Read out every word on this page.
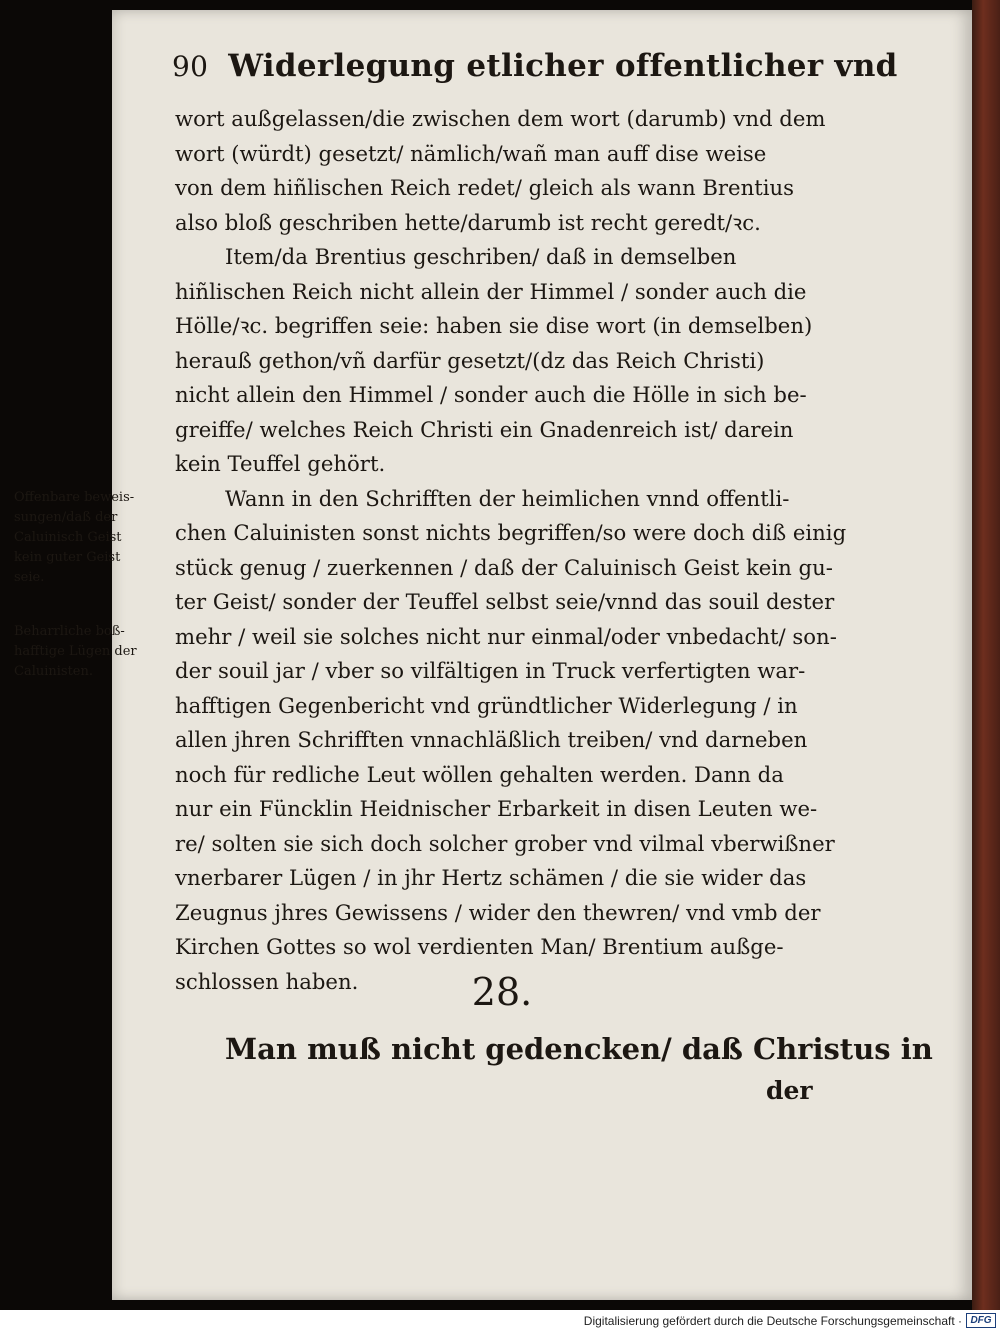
90 Widerlegung etlicher offentlicher vnd
wort außgelassen/die zwischen dem wort (darumb) vnd dem
wort (würdt) gesetzt/ nämlich/wañ man auff dise weise
von dem hiñlischen Reich redet/ gleich als wann Brentius
also bloß geschriben hette/darumb ist recht geredt/ꝛc.
Item/da Brentius geschriben/ daß in demselben
hiñlischen Reich nicht allein der Himmel / sonder auch die
Hölle/ꝛc. begriffen seie: haben sie dise wort (in demselben)
herauß gethon/vñ darfür gesetzt/(dz das Reich Christi)
nicht allein den Himmel / sonder auch die Hölle in sich be-
greiffe/ welches Reich Christi ein Gnadenreich ist/ darein
kein Teuffel gehört.
Wann in den Schrifften der heimlichen vnnd offentli-
chen Caluinisten sonst nichts begriffen/so were doch diß einig
stück genug / zuerkennen / daß der Caluinisch Geist kein gu-
ter Geist/ sonder der Teuffel selbst seie/vnnd das souil dester
mehr / weil sie solches nicht nur einmal/oder vnbedacht/ son-
der souil jar / vber so vilfältigen in Truck verfertigten war-
hafftigen Gegenbericht vnd gründtlicher Widerlegung / in
allen jhren Schrifften vnnachläßlich treiben/ vnd darneben
noch für redliche Leut wöllen gehalten werden. Dann da
nur ein Füncklin Heidnischer Erbarkeit in disen Leuten we-
re/ solten sie sich doch solcher grober vnd vilmal vberwißner
vnerbarer Lügen / in jhr Hertz schämen / die sie wider das
Zeugnus jhres Gewissens / wider den thewren/ vnd vmb der
Kirchen Gottes so wol verdienten Man/ Brentium außge-
schlossen haben.
Offenbare beweis-
sungen/daß der
Caluinisch Geist
kein guter Geist
seie.
Beharrliche boß-
hafftige Lügen der
Caluinisten.
28.
Man muß nicht gedencken/ daß Christus in
der
Digitalisierung gefördert durch die Deutsche Forschungsgemeinschaft · DFG
